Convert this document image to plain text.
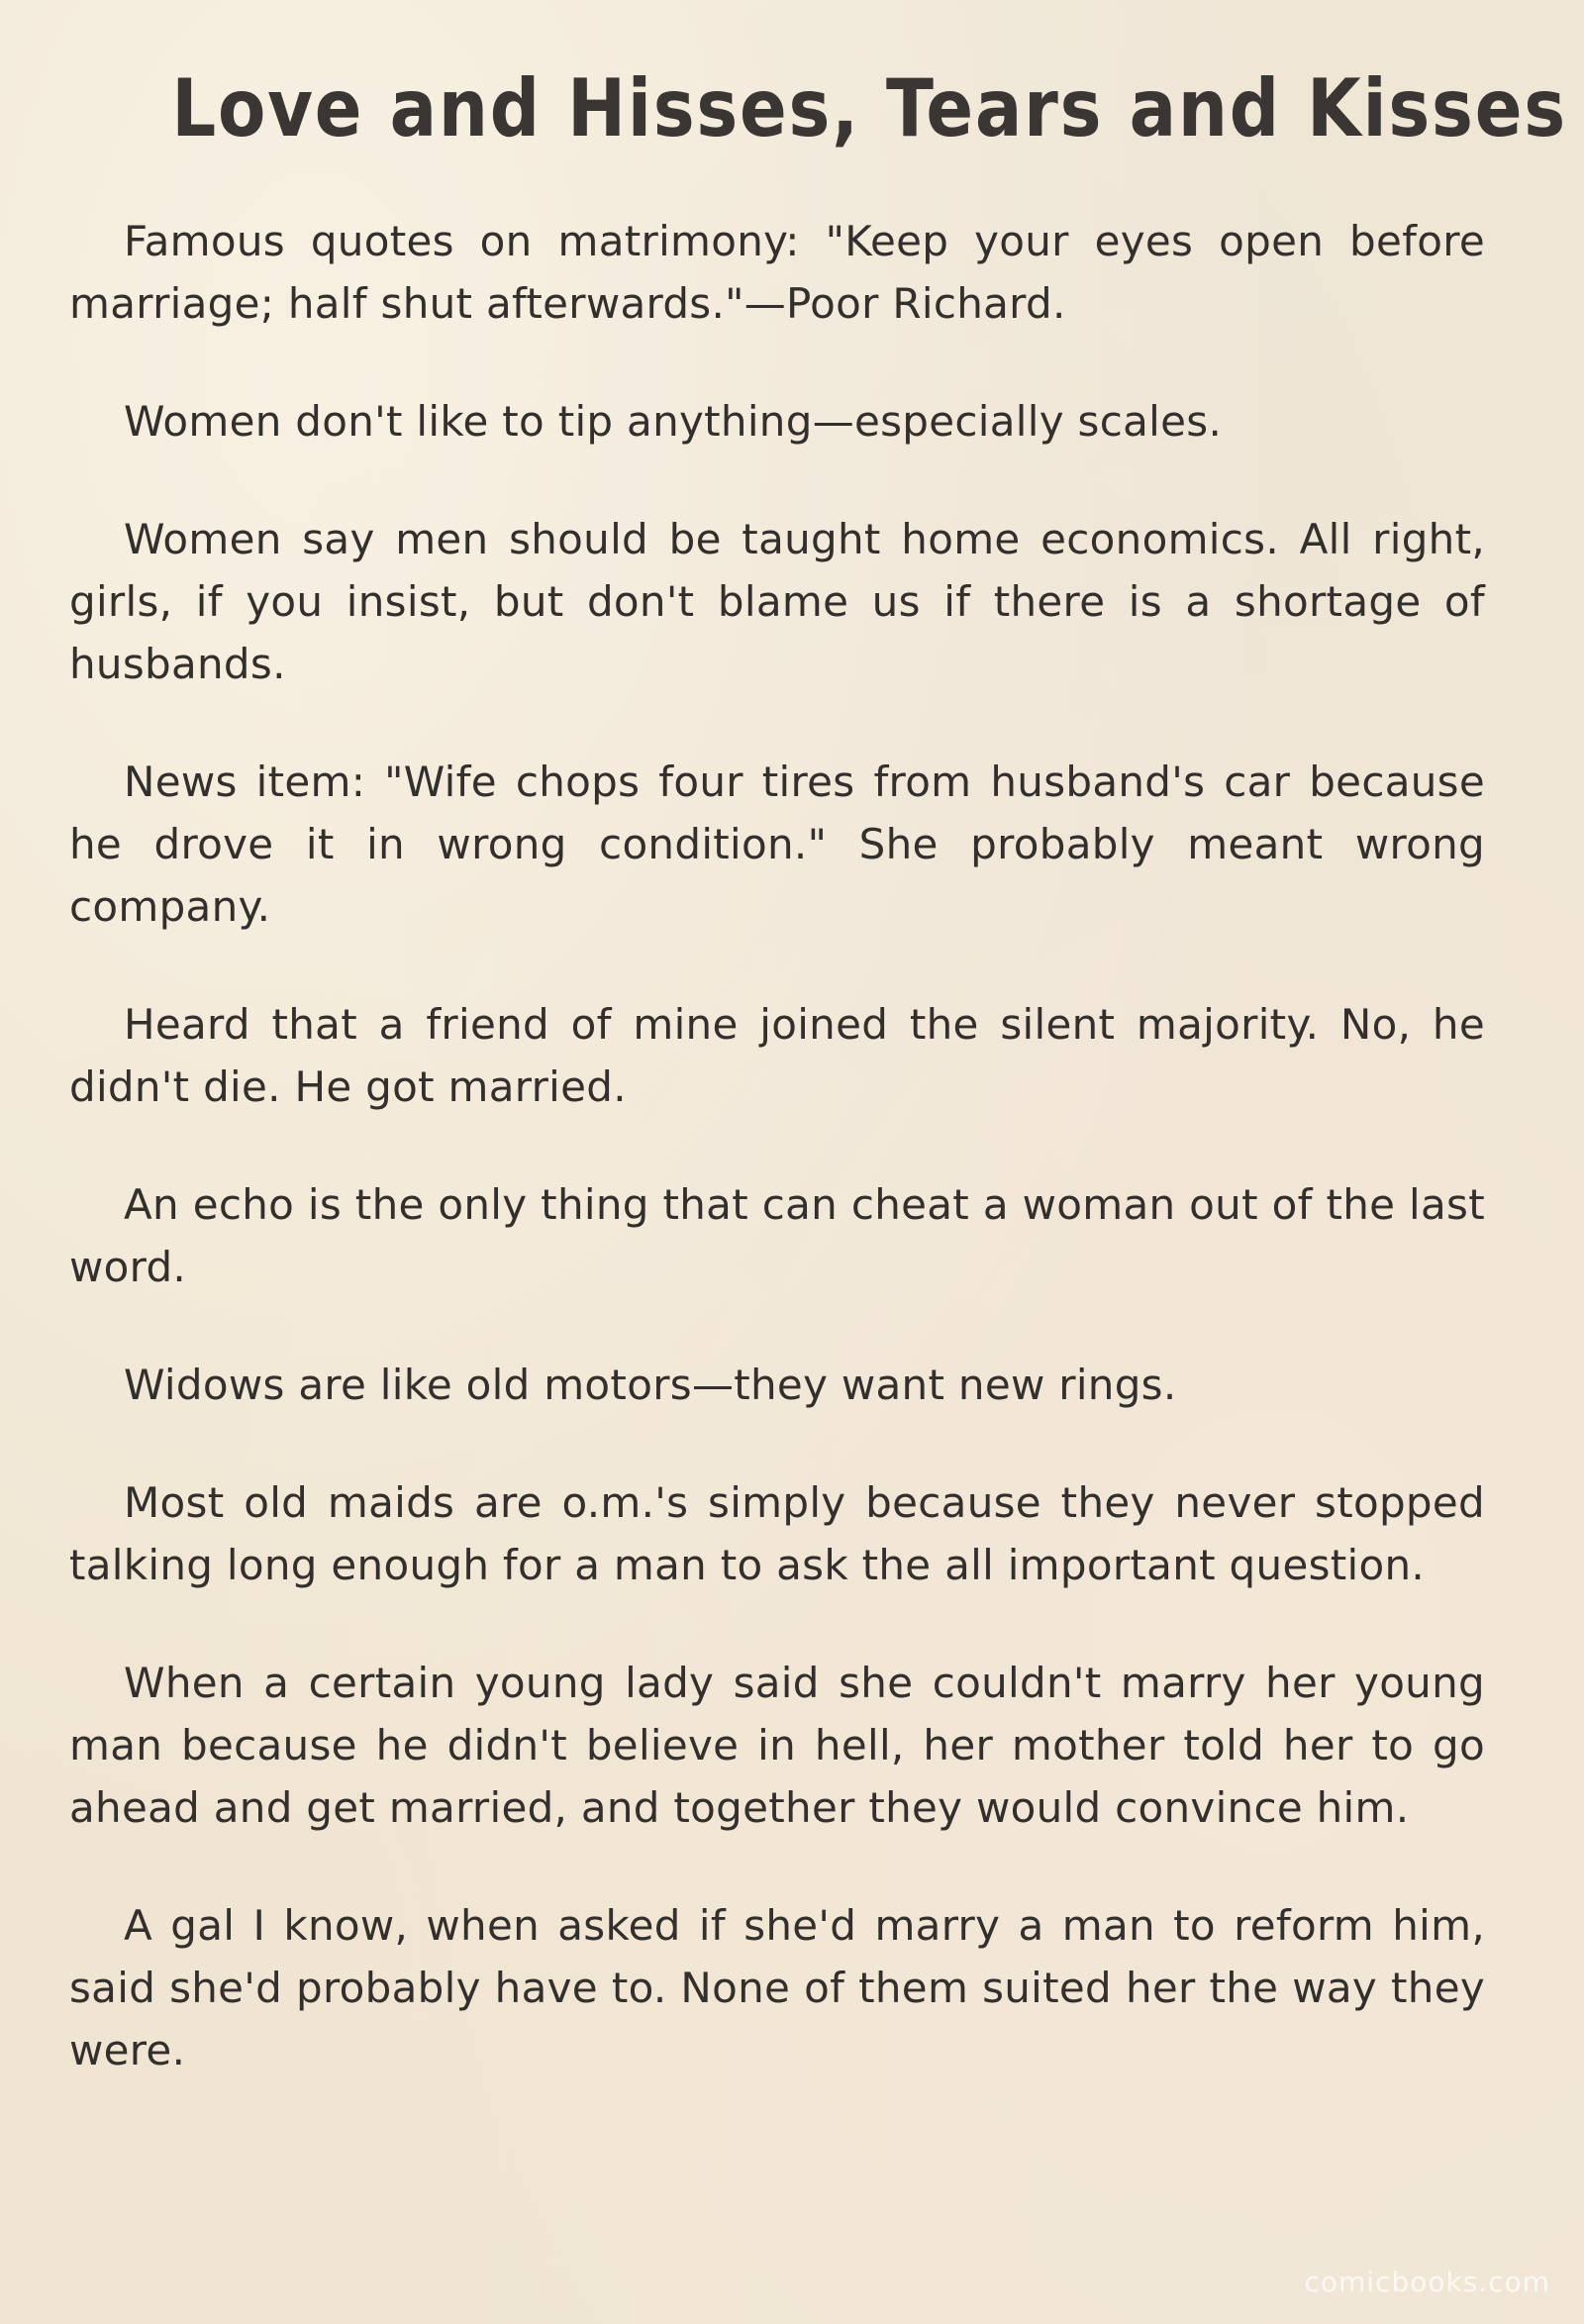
Love and Hisses, Tears and Kisses

Famous quotes on matrimony: "Keep your eyes open before marriage; half shut afterwards."—Poor Richard.

Women don't like to tip anything—especially scales.

Women say men should be taught home economics. All right, girls, if you insist, but don't blame us if there is a shortage of husbands.

News item: "Wife chops four tires from husband's car because he drove it in wrong condition." She probably meant wrong company.

Heard that a friend of mine joined the silent majority. No, he didn't die. He got married.

An echo is the only thing that can cheat a woman out of the last word.

Widows are like old motors—they want new rings.

Most old maids are o.m.'s simply because they never stopped talking long enough for a man to ask the all important question.

When a certain young lady said she couldn't marry her young man because he didn't believe in hell, her mother told her to go ahead and get married, and together they would convince him.

A gal I know, when asked if she'd marry a man to reform him, said she'd probably have to. None of them suited her the way they were.

comicbooks.com
